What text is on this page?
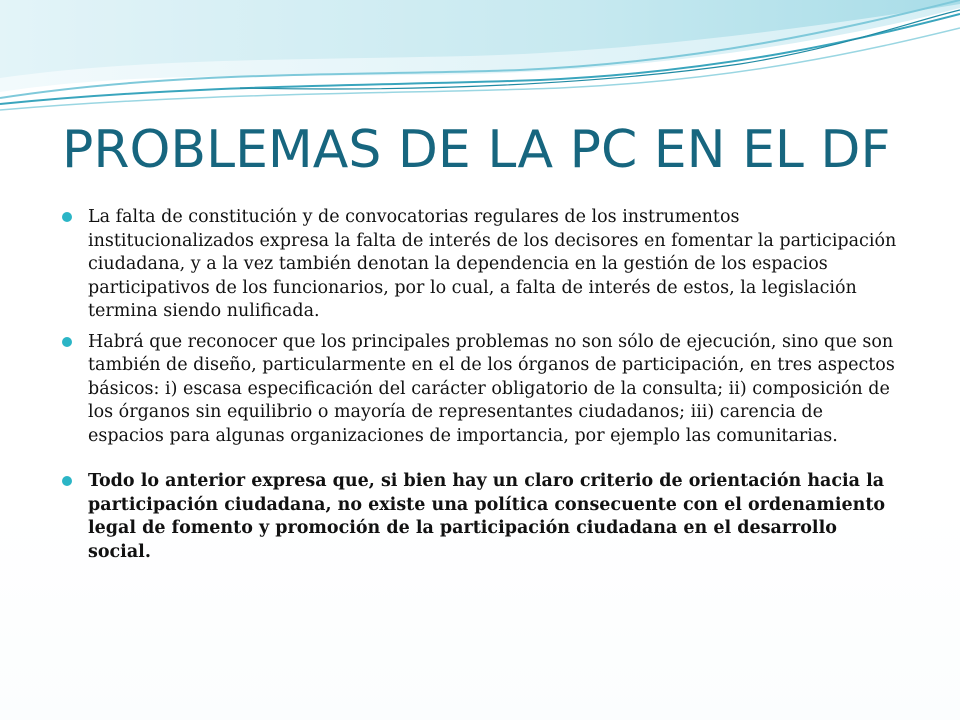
PROBLEMAS DE LA PC EN EL DF
La falta de constitución y de convocatorias regulares de los instrumentos institucionalizados expresa la falta de interés de los decisores en fomentar la participación ciudadana, y a la vez también denotan la dependencia en la gestión de los espacios participativos de los funcionarios, por lo cual, a falta de interés de estos, la legislación termina siendo nulificada.
Habrá que reconocer que los principales problemas no son sólo de ejecución, sino que son también de diseño, particularmente en el de los órganos de participación, en tres aspectos básicos: i) escasa especificación del carácter obligatorio de la consulta; ii) composición de los órganos sin equilibrio o mayoría de representantes ciudadanos; iii) carencia de espacios para algunas organizaciones de importancia, por ejemplo las comunitarias.
Todo lo anterior expresa que, si bien hay un claro criterio de orientación hacia la participación ciudadana, no existe una política consecuente con el ordenamiento legal de fomento y promoción de la participación ciudadana en el desarrollo social.
